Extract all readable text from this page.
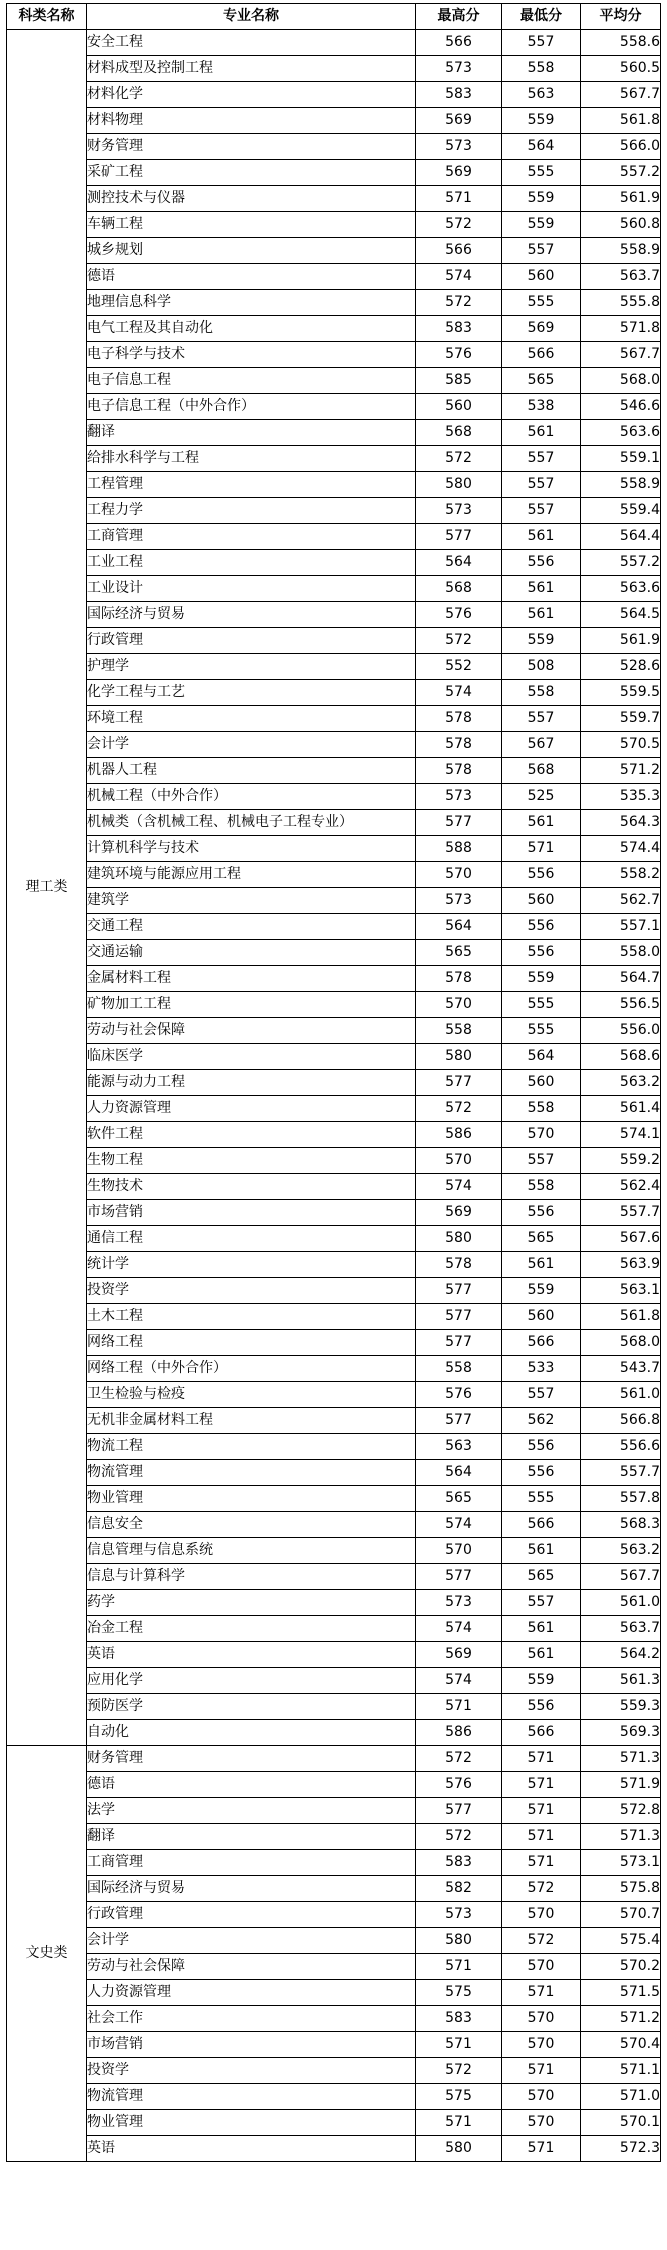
科类名称	专业名称	最高分	最低分	平均分
理工类	安全工程	566	557	558.6
	材料成型及控制工程	573	558	560.5
	材料化学	583	563	567.7
	材料物理	569	559	561.8
	财务管理	573	564	566.0
	采矿工程	569	555	557.2
	测控技术与仪器	571	559	561.9
	车辆工程	572	559	560.8
	城乡规划	566	557	558.9
	德语	574	560	563.7
	地理信息科学	572	555	555.8
	电气工程及其自动化	583	569	571.8
	电子科学与技术	576	566	567.7
	电子信息工程	585	565	568.0
	电子信息工程（中外合作）	560	538	546.6
	翻译	568	561	563.6
	给排水科学与工程	572	557	559.1
	工程管理	580	557	558.9
	工程力学	573	557	559.4
	工商管理	577	561	564.4
	工业工程	564	556	557.2
	工业设计	568	561	563.6
	国际经济与贸易	576	561	564.5
	行政管理	572	559	561.9
	护理学	552	508	528.6
	化学工程与工艺	574	558	559.5
	环境工程	578	557	559.7
	会计学	578	567	570.5
	机器人工程	578	568	571.2
	机械工程（中外合作）	573	525	535.3
	机械类（含机械工程、机械电子工程专业）	577	561	564.3
	计算机科学与技术	588	571	574.4
	建筑环境与能源应用工程	570	556	558.2
	建筑学	573	560	562.7
	交通工程	564	556	557.1
	交通运输	565	556	558.0
	金属材料工程	578	559	564.7
	矿物加工工程	570	555	556.5
	劳动与社会保障	558	555	556.0
	临床医学	580	564	568.6
	能源与动力工程	577	560	563.2
	人力资源管理	572	558	561.4
	软件工程	586	570	574.1
	生物工程	570	557	559.2
	生物技术	574	558	562.4
	市场营销	569	556	557.7
	通信工程	580	565	567.6
	统计学	578	561	563.9
	投资学	577	559	563.1
	土木工程	577	560	561.8
	网络工程	577	566	568.0
	网络工程（中外合作）	558	533	543.7
	卫生检验与检疫	576	557	561.0
	无机非金属材料工程	577	562	566.8
	物流工程	563	556	556.6
	物流管理	564	556	557.7
	物业管理	565	555	557.8
	信息安全	574	566	568.3
	信息管理与信息系统	570	561	563.2
	信息与计算科学	577	565	567.7
	药学	573	557	561.0
	冶金工程	574	561	563.7
	英语	569	561	564.2
	应用化学	574	559	561.3
	预防医学	571	556	559.3
	自动化	586	566	569.3
文史类	财务管理	572	571	571.3
	德语	576	571	571.9
	法学	577	571	572.8
	翻译	572	571	571.3
	工商管理	583	571	573.1
	国际经济与贸易	582	572	575.8
	行政管理	573	570	570.7
	会计学	580	572	575.4
	劳动与社会保障	571	570	570.2
	人力资源管理	575	571	571.5
	社会工作	583	570	571.2
	市场营销	571	570	570.4
	投资学	572	571	571.1
	物流管理	575	570	571.0
	物业管理	571	570	570.1
	英语	580	571	572.3
